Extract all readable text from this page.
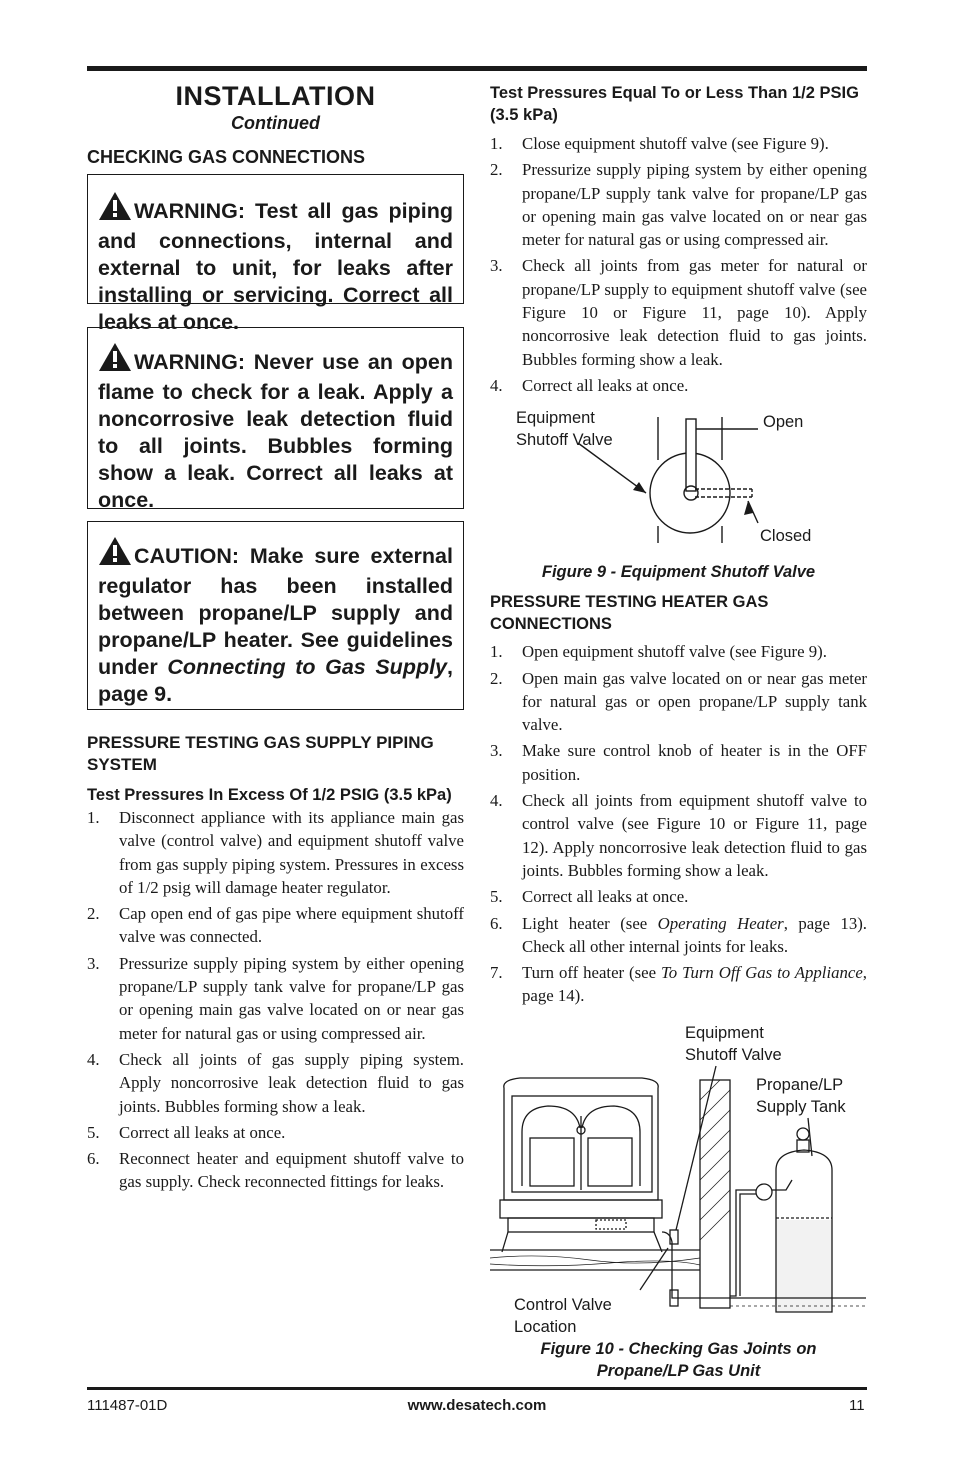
INSTALLATION
Continued
CHECKING GAS CONNECTIONS
WARNING: Test all gas piping and connections, internal and external to unit, for leaks after installing or servicing. Correct all leaks at once.
WARNING: Never use an open flame to check for a leak. Apply a noncorrosive leak detection fluid to all joints. Bubbles forming show a leak. Correct all leaks at once.
CAUTION: Make sure external regulator has been installed between propane/LP supply and propane/LP heater. See guidelines under Connecting to Gas Supply, page 9.
PRESSURE TESTING GAS SUPPLY PIPING SYSTEM
Test Pressures In Excess Of 1/2 PSIG (3.5 kPa)
1.	Disconnect appliance with its appliance main gas valve (control valve) and equipment shutoff valve from gas supply piping system. Pressures in excess of 1/2 psig will damage heater regulator.
2.	Cap open end of gas pipe where equipment shutoff valve was connected.
3.	Pressurize supply piping system by either opening propane/LP supply tank valve for propane/LP gas or opening main gas valve located on or near gas meter for natural gas or using compressed air.
4.	Check all joints of gas supply piping system. Apply noncorrosive leak detection fluid to gas joints. Bubbles forming show a leak.
5.	Correct all leaks at once.
6.	Reconnect heater and equipment shutoff valve to gas supply. Check reconnected fittings for leaks.
Test Pressures Equal To or Less Than 1/2 PSIG (3.5 kPa)
1.	Close equipment shutoff valve (see Figure 9).
2.	Pressurize supply piping system by either opening propane/LP supply tank valve for propane/LP gas or opening main gas valve located on or near gas meter for natural gas or using compressed air.
3.	Check all joints from gas meter for natural or propane/LP supply to equipment shutoff valve (see Figure 10 or Figure 11, page 10). Apply noncorrosive leak detection fluid to gas joints. Bubbles forming show a leak.
4.	Correct all leaks at once.
Equipment
Shutoff Valve
Open
Closed
Figure 9 - Equipment Shutoff Valve
PRESSURE TESTING HEATER GAS CONNECTIONS
1.	Open equipment shutoff valve (see Figure 9).
2.	Open main gas valve located on or near gas meter for natural gas or open propane/LP supply tank valve.
3.	Make sure control knob of heater is in the OFF position.
4.	Check all joints from equipment shutoff valve to control valve (see Figure 10 or Figure 11, page 12). Apply noncorrosive leak detection fluid to gas joints. Bubbles forming show a leak.
5.	Correct all leaks at once.
6.	Light heater (see Operating Heater, page 13). Check all other internal joints for leaks.
7.	Turn off heater (see To Turn Off Gas to Appliance, page 14).
Equipment
Shutoff Valve
Propane/LP
Supply Tank
Control Valve
Location
Figure 10 - Checking Gas Joints on
Propane/LP Gas Unit
111487-01D	www.desatech.com	11
